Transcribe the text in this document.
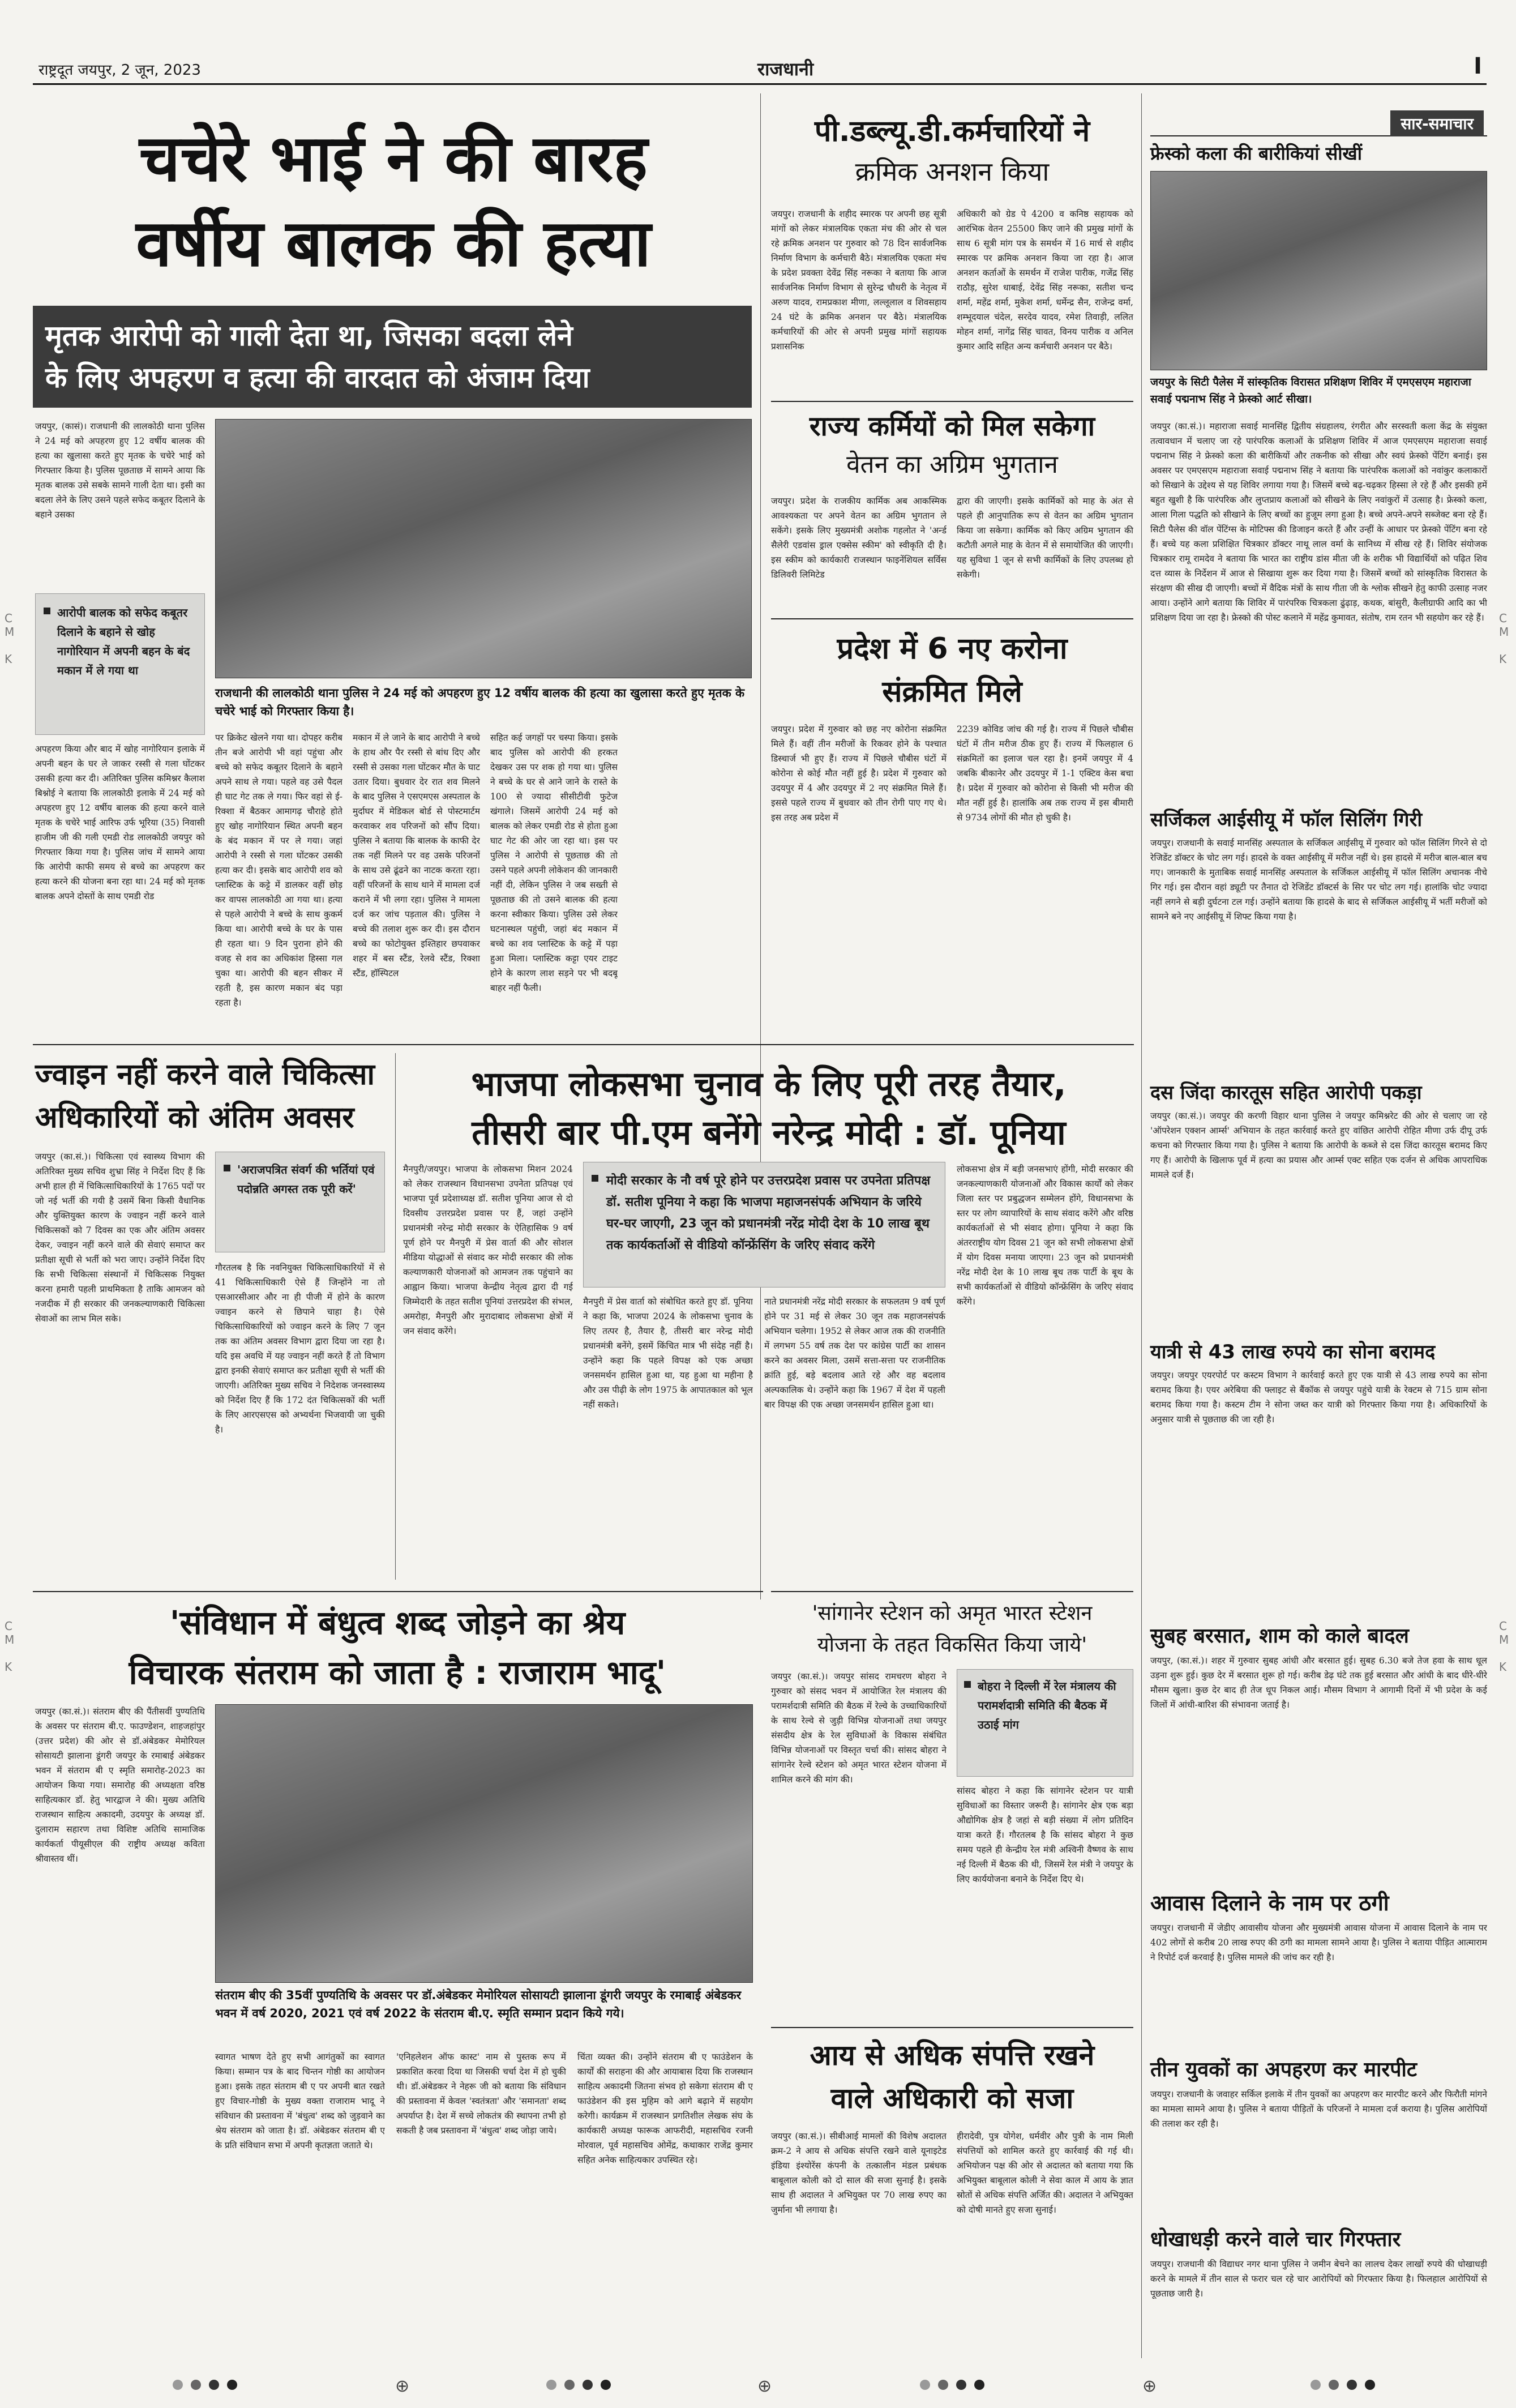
राष्ट्रदूत जयपुर, 2 जून, 2023	राजधानी	I
C
M

K
C
M

K
C
M

K
C
M

K
चचेरे भाई ने की बारह
वर्षीय बालक की हत्या
मृतक आरोपी को गाली देता था, जिसका बदला लेने
के लिए अपहरण व हत्या की वारदात को अंजाम दिया
जयपुर, (कासं)। राजधानी की लालकोठी थाना पुलिस ने 24 मई को अपहरण हुए 12 वर्षीय बालक की हत्या का खुलासा करते हुए मृतक के चचेरे भाई को गिरफ्तार किया है। पुलिस पूछताछ में सामने आया कि मृतक बालक उसे सबके सामने गाली देता था। इसी का बदला लेने के लिए उसने पहले सफेद कबूतर दिलाने के बहाने उसका
राजधानी की लालकोठी थाना पुलिस ने 24 मई को अपहरण हुए 12 वर्षीय बालक की हत्या का खुलासा करते हुए मृतक के चचेरे भाई को गिरफ्तार किया है।
आरोपी बालक को सफेद कबूतर दिलाने के बहाने से खोह नागोरियान में अपनी बहन के बंद मकान में ले गया था
अपहरण किया और बाद में खोह नागोरियान इलाके में अपनी बहन के घर ले जाकर रस्सी से गला घोंटकर उसकी हत्या कर दी। अतिरिक्त पुलिस कमिश्नर कैलाश बिश्नोई ने बताया कि लालकोठी इलाके में 24 मई को अपहरण हुए 12 वर्षीय बालक की हत्या करने वाले मृतक के चचेरे भाई आरिफ उर्फ भूरिया (35) निवासी हाजीम जी की गली एमडी रोड लालकोठी जयपुर को गिरफ्तार किया गया है। पुलिस जांच में सामने आया कि आरोपी काफी समय से बच्चे का अपहरण कर हत्या करने की योजना बना रहा था। 24 मई को मृतक बालक अपने दोस्तों के साथ एमडी रोड
पर क्रिकेट खेलने गया था। दोपहर करीब तीन बजे आरोपी भी वहां पहुंचा और बच्चे को सफेद कबूतर दिलाने के बहाने अपने साथ ले गया। पहले वह उसे पैदल ही घाट गेट तक ले गया। फिर वहां से ई-रिक्शा में बैठकर आमागढ़ चौराहे होते हुए खोह नागोरियान स्थित अपनी बहन के बंद मकान में पर ले गया। जहां आरोपी ने रस्सी से गला घोंटकर उसकी हत्या कर दी। इसके बाद आरोपी शव को प्लास्टिक के कट्टे में डालकर वहीं छोड़ कर वापस लालकोठी आ गया था। हत्या से पहले आरोपी ने बच्चे के साथ कुकर्म किया था। आरोपी बच्चे के घर के पास ही रहता था। 9 दिन पुराना होने की वजह से शव का अधिकांश हिस्सा गल चुका था। आरोपी की बहन सीकर में रहती है, इस कारण मकान बंद पड़ा रहता है।
मकान में ले जाने के बाद आरोपी ने बच्चे के हाथ और पैर रस्सी से बांध दिए और रस्सी से उसका गला घोंटकर मौत के घाट उतार दिया। बुधवार देर रात शव मिलने के बाद पुलिस ने एसएमएस अस्पताल के मुर्दाघर में मेडिकल बोर्ड से पोस्टमार्टम करवाकर शव परिजनों को सौंप दिया। पुलिस ने बताया कि बालक के काफी देर तक नहीं मिलने पर वह उसके परिजनों के साथ उसे ढूंढने का नाटक करता रहा। वहीं परिजनों के साथ थाने में मामला दर्ज कराने में भी लगा रहा। पुलिस ने मामला दर्ज कर जांच पड़ताल की। पुलिस ने बच्चे की तलाश शुरू कर दी। इस दौरान बच्चे का फोटोयुक्त इश्तिहार छपवाकर शहर में बस स्टैंड, रेलवे स्टैंड, रिक्शा स्टैंड, हॉस्पिटल
सहित कई जगहों पर चस्पा किया। इसके बाद पुलिस को आरोपी की हरकत देखकर उस पर शक हो गया था। पुलिस ने बच्चे के घर से आने जाने के रास्ते के 100 से ज्यादा सीसीटीवी फुटेज खंगाले। जिसमें आरोपी 24 मई को बालक को लेकर एमडी रोड से होता हुआ घाट गेट की ओर जा रहा था। इस पर पुलिस ने आरोपी से पूछताछ की तो उसने पहले अपनी लोकेशन की जानकारी नहीं दी, लेकिन पुलिस ने जब सख्ती से पूछताछ की तो उसने बालक की हत्या करना स्वीकार किया। पुलिस उसे लेकर घटनास्थल पहुंची, जहां बंद मकान में बच्चे का शव प्लास्टिक के कट्टे में पड़ा हुआ मिला। प्लास्टिक कट्टा एयर टाइट होने के कारण लाश सड़ने पर भी बदबू बाहर नहीं फैली।
पी.डब्ल्यू.डी.कर्मचारियों ने
क्रमिक अनशन किया
जयपुर। राजधानी के शहीद स्मारक पर अपनी छह सूत्री मांगों को लेकर मंत्रालयिक एकता मंच की ओर से चल रहे क्रमिक अनशन पर गुरुवार को 78 दिन सार्वजनिक निर्माण विभाग के कर्मचारी बैठे। मंत्रालयिक एकता मंच के प्रदेश प्रवक्ता देवेंद्र सिंह नरूका ने बताया कि आज सार्वजनिक निर्माण विभाग से सुरेन्द्र चौधरी के नेतृत्व में अरुण यादव, रामप्रकाश मीणा, लल्लूलाल व शिवसहाय 24 घंटे के क्रमिक अनशन पर बैठे। मंत्रालयिक कर्मचारियों की ओर से अपनी प्रमुख मांगों सहायक प्रशासनिक
अधिकारी को ग्रेड पे 4200 व कनिष्ठ सहायक को आरंभिक वेतन 25500 किए जाने की प्रमुख मांगों के साथ 6 सूत्री मांग पत्र के समर्थन में 16 मार्च से शहीद स्मारक पर क्रमिक अनशन किया जा रहा है। आज अनशन कर्ताओं के समर्थन में राजेश पारीक, गजेंद्र सिंह राठौड़, सुरेश धाबाई, देवेंद्र सिंह नरूका, सतीश चन्द शर्मा, महेंद्र शर्मा, मुकेश शर्मा, धर्मेन्द्र सैन, राजेन्द्र वर्मा, शम्भूदयाल चंदेल, सरदेव यादव, रमेश तिवाड़ी, ललित मोहन शर्मा, नागेंद्र सिंह चावत, विनय पारीक व अनिल कुमार आदि सहित अन्य कर्मचारी अनशन पर बैठे।
राज्य कर्मियों को मिल सकेगा
वेतन का अग्रिम भुगतान
जयपुर। प्रदेश के राजकीय कार्मिक अब आकस्मिक आवश्यकता पर अपने वेतन का अग्रिम भुगतान ले सकेंगे। इसके लिए मुख्यमंत्री अशोक गहलोत ने 'अर्न्ड सैलेरी एडवांस ड्राल एक्सेस स्कीम' को स्वीकृति दी है। इस स्कीम को कार्यकारी राजस्थान फाइनेंशियल सर्विस डिलिवरी लिमिटेड
द्वारा की जाएगी। इसके कार्मिकों को माह के अंत से पहले ही आनुपातिक रूप से वेतन का अग्रिम भुगतान किया जा सकेगा। कार्मिक को किए अग्रिम भुगतान की कटौती अगले माह के वेतन में से समायोजित की जाएगी। यह सुविधा 1 जून से सभी कार्मिकों के लिए उपलब्ध हो सकेगी।
प्रदेश में 6 नए करोना
संक्रमित मिले
जयपुर। प्रदेश में गुरुवार को छह नए कोरोना संक्रमित मिले हैं। वहीं तीन मरीजों के रिकवर होने के पश्चात डिस्चार्ज भी हुए हैं। राज्य में पिछले चौबीस घंटों में कोरोना से कोई मौत नहीं हुई है। प्रदेश में गुरुवार को उदयपुर में 4 और उदयपुर में 2 नए संक्रमित मिले हैं। इससे पहले राज्य में बुधवार को तीन रोगी पाए गए थे। इस तरह अब प्रदेश में
2239 कोविड जांच की गई है। राज्य में पिछले चौबीस घंटों में तीन मरीज ठीक हुए हैं। राज्य में फिलहाल 6 संक्रमितों का इलाज चल रहा है। इनमें जयपुर में 4 जबकि बीकानेर और उदयपुर में 1-1 एक्टिव केस बचा है। प्रदेश में गुरुवार को कोरोना से किसी भी मरीज की मौत नहीं हुई है। हालांकि अब तक राज्य में इस बीमारी से 9734 लोगों की मौत हो चुकी है।
सार-समाचार
फ्रेस्को कला की बारीकियां सीखीं
जयपुर के सिटी पैलेस में सांस्कृतिक विरासत प्रशिक्षण शिविर में एमएसएम महाराजा सवाई पद्मनाभ सिंह ने फ्रेस्को आर्ट सीखा।
जयपुर (का.सं.)। महाराजा सवाई मानसिंह द्वितीय संग्रहालय, रंगरीत और सरस्वती कला केंद्र के संयुक्त तत्वावधान में चलाए जा रहे पारंपरिक कलाओं के प्रशिक्षण शिविर में आज एमएसएम महाराजा सवाई पद्मनाभ सिंह ने फ्रेस्को कला की बारीकियों और तकनीक को सीखा और स्वयं फ्रेस्को पेंटिंग बनाई। इस अवसर पर एमएसएम महाराजा सवाई पद्मनाभ सिंह ने बताया कि पारंपरिक कलाओं को नवांकुर कलाकारों को सिखाने के उद्देश्य से यह शिविर लगाया गया है। जिसमें बच्चे बढ़-चढ़कर हिस्सा ले रहे हैं और इसकी हमें बहुत खुशी है कि पारंपरिक और लुप्तप्राय कलाओं को सीखने के लिए नवांकुरों में उत्साह है। फ्रेस्को कला, आला गिला पद्धति को सीखाने के लिए बच्चों का हुजूम लगा हुआ है। बच्चे अपने-अपने सब्जेक्ट बना रहे हैं। सिटी पैलेस की वॉल पेंटिंग्स के मोटिफ्स की डिजाइन करते हैं और उन्हीं के आधार पर फ्रेस्को पेंटिंग बना रहे हैं। बच्चे यह कला प्रशिक्षित चित्रकार डॉक्टर नाथू लाल वर्मा के सानिध्य में सीख रहे हैं। शिविर संयोजक चित्रकार रामू रामदेव ने बताया कि भारत का राष्ट्रीय डांस मीता जी के शरीक भी विद्यार्थियों को पढ़ित शिव दत्त व्यास के निर्देशन में आज से सिखाया शुरू कर दिया गया है। जिसमें बच्चों को सांस्कृतिक विरासत के संरक्षण की सीख दी जाएगी। बच्चों में वैदिक मंत्रों के साथ गीता जी के श्लोक सीखने हेतु काफी उत्साह नजर आया। उन्होंने आगे बताया कि शिविर में पारंपरिक चित्रकला ढुंढ़ाड़, कथक, बांसुरी, कैलीग्राफी आदि का भी प्रशिक्षण दिया जा रहा है। फ्रेस्को की पोस्ट कलाने में महेंद्र कुमावत, संतोष, राम रतन भी सहयोग कर रहे हैं।
सर्जिकल आईसीयू में फॉल सिलिंग गिरी
जयपुर। राजधानी के सवाई मानसिंह अस्पताल के सर्जिकल आईसीयू में गुरुवार को फॉल सिलिंग गिरने से दो रेजिडेंट डॉक्टर के चोट लग गई। हादसे के वक्त आईसीयू में मरीज नहीं थे। इस हादसे में मरीज बाल-बाल बच गए। जानकारी के मुताबिक सवाई मानसिंह अस्पताल के सर्जिकल आईसीयू में फॉल सिलिंग अचानक नीचे गिर गई। इस दौरान वहां ड्यूटी पर तैनात दो रेजिडेंट डॉक्टर्स के सिर पर चोट लग गई। हालांकि चोट ज्यादा नहीं लगने से बड़ी दुर्घटना टल गई। उन्होंने बताया कि हादसे के बाद से सर्जिकल आईसीयू में भर्ती मरीजों को सामने बने नए आईसीयू में शिफ्ट किया गया है।
दस जिंदा कारतूस सहित आरोपी पकड़ा
जयपुर (का.सं.)। जयपुर की करणी विहार थाना पुलिस ने जयपुर कमिश्नरेट की ओर से चलाए जा रहे 'ऑपरेशन एक्शन आर्म्स' अभियान के तहत कार्रवाई करते हुए वांछित आरोपी रोहित मीणा उर्फ दीपू उर्फ कचना को गिरफ्तार किया गया है। पुलिस ने बताया कि आरोपी के कब्जे से दस जिंदा कारतूस बरामद किए गए हैं। आरोपी के खिलाफ पूर्व में हत्या का प्रयास और आर्म्स एक्ट सहित एक दर्जन से अधिक आपराधिक मामले दर्ज हैं।
यात्री से 43 लाख रुपये का सोना बरामद
जयपुर। जयपुर एयरपोर्ट पर कस्टम विभाग ने कार्रवाई करते हुए एक यात्री से 43 लाख रुपये का सोना बरामद किया है। एयर अरेबिया की फ्लाइट से बैंकॉक से जयपुर पहुंचे यात्री के रेक्टम से 715 ग्राम सोना बरामद किया गया है। कस्टम टीम ने सोना जब्त कर यात्री को गिरफ्तार किया गया है। अधिकारियों के अनुसार यात्री से पूछताछ की जा रही है।
सुबह बरसात, शाम को काले बादल
जयपुर, (का.सं.)। शहर में गुरुवार सुबह आंधी और बरसात हुई। सुबह 6.30 बजे तेज हवा के साथ धूल उड़ना शुरू हुई। कुछ देर में बरसात शुरू हो गई। करीब डेढ़ घंटे तक हुई बरसात और आंधी के बाद धीरे-धीरे मौसम खुला। कुछ देर बाद ही तेज धूप निकल आई। मौसम विभाग ने आगामी दिनों में भी प्रदेश के कई जिलों में आंधी-बारिश की संभावना जताई है।
आवास दिलाने के नाम पर ठगी
जयपुर। राजधानी में जेडीए आवासीय योजना और मुख्यमंत्री आवास योजना में आवास दिलाने के नाम पर 402 लोगों से करीब 20 लाख रुपए की ठगी का मामला सामने आया है। पुलिस ने बताया पीड़ित आत्माराम ने रिपोर्ट दर्ज करवाई है। पुलिस मामले की जांच कर रही है।
तीन युवकों का अपहरण कर मारपीट
जयपुर। राजधानी के जवाहर सर्किल इलाके में तीन युवकों का अपहरण कर मारपीट करने और फिरौती मांगने का मामला सामने आया है। पुलिस ने बताया पीड़ितों के परिजनों ने मामला दर्ज कराया है। पुलिस आरोपियों की तलाश कर रही है।
धोखाधड़ी करने वाले चार गिरफ्तार
जयपुर। राजधानी की विद्याधर नगर थाना पुलिस ने जमीन बेचने का लालच देकर लाखों रुपये की धोखाधड़ी करने के मामले में तीन साल से फरार चल रहे चार आरोपियों को गिरफ्तार किया है। फिलहाल आरोपियों से पूछताछ जारी है।
ज्वाइन नहीं करने वाले चिकित्सा
अधिकारियों को अंतिम अवसर
जयपुर (का.सं.)। चिकित्सा एवं स्वास्थ्य विभाग की अतिरिक्त मुख्य सचिव शुभ्रा सिंह ने निर्देश दिए हैं कि अभी हाल ही में चिकित्साधिकारियों के 1765 पदों पर जो नई भर्ती की गयी है उसमें बिना किसी वैधानिक और युक्तियुक्त कारण के ज्वाइन नहीं करने वाले चिकित्सकों को 7 दिवस का एक और अंतिम अवसर देकर, ज्वाइन नहीं करने वाले की सेवाएं समाप्त कर प्रतीक्षा सूची से भर्ती को भरा जाए। उन्होंने निर्देश दिए कि सभी चिकित्सा संस्थानों में चिकित्सक नियुक्त करना हमारी पहली प्राथमिकता है ताकि आमजन को नजदीक में ही सरकार की जनकल्याणकारी चिकित्सा सेवाओं का लाभ मिल सके।
'अराजपत्रित संवर्ग की भर्तियां एवं पदोन्नति अगस्त तक पूरी करें'
गौरतलब है कि नवनियुक्त चिकित्साधिकारियों में से 41 चिकित्साधिकारी ऐसे हैं जिन्होंने ना तो एसआरसीआर और ना ही पीजी में होने के कारण ज्वाइन करने से छिपाने चाहा है। ऐसे चिकित्साधिकारियों को ज्वाइन करने के लिए 7 जून तक का अंतिम अवसर विभाग द्वारा दिया जा रहा है। यदि इस अवधि में यह ज्वाइन नहीं करते हैं तो विभाग द्वारा इनकी सेवाएं समाप्त कर प्रतीक्षा सूची से भर्ती की जाएगी। अतिरिक्त मुख्य सचिव ने निदेशक जनस्वास्थ्य को निर्देश दिए हैं कि 172 दंत चिकित्सकों की भर्ती के लिए आरएसएस को अभ्यर्थना भिजवायी जा चुकी है।
भाजपा लोकसभा चुनाव के लिए पूरी तरह तैयार,
तीसरी बार पी.एम बनेंगे नरेन्द्र मोदी : डॉ. पूनिया
मैनपुरी/जयपुर। भाजपा के लोकसभा मिशन 2024 को लेकर राजस्थान विधानसभा उपनेता प्रतिपक्ष एवं भाजपा पूर्व प्रदेशाध्यक्ष डॉ. सतीश पूनिया आज से दो दिवसीय उत्तरप्रदेश प्रवास पर हैं, जहां उन्होंने प्रधानमंत्री नरेन्द्र मोदी सरकार के ऐतिहासिक 9 वर्ष पूर्ण होने पर मैनपुरी में प्रेस वार्ता की और सोशल मीडिया योद्धाओं से संवाद कर मोदी सरकार की लोक कल्याणकारी योजनाओं को आमजन तक पहुंचाने का आह्वान किया। भाजपा केन्द्रीय नेतृत्व द्वारा दी गई जिम्मेदारी के तहत सतीश पूनियां उत्तरप्रदेश की संभल, अमरोहा, मैनपुरी और मुरादाबाद लोकसभा क्षेत्रों में जन संवाद करेंगे।
मोदी सरकार के नौ वर्ष पूरे होने पर उत्तरप्रदेश प्रवास पर उपनेता प्रतिपक्ष डॉ. सतीश पूनिया ने कहा कि भाजपा महाजनसंपर्क अभियान के जरिये घर-घर जाएगी, 23 जून को प्रधानमंत्री नरेंद्र मोदी देश के 10 लाख बूथ तक कार्यकर्ताओं से वीडियो कॉन्फ्रेंसिंग के जरिए संवाद करेंगे
मैनपुरी में प्रेस वार्ता को संबोधित करते हुए डॉ. पूनिया ने कहा कि, भाजपा 2024 के लोकसभा चुनाव के लिए तत्पर है, तैयार है, तीसरी बार नरेन्द्र मोदी प्रधानमंत्री बनेंगे, इसमें किंचित मात्र भी संदेह नहीं है। उन्होंने कहा कि पहले विपक्ष को एक अच्छा जनसमर्थन हासिल हुआ था, यह हुआ था महीना है और उस पीढ़ी के लोग 1975 के आपातकाल को भूल नहीं सकते।
नाते प्रधानमंत्री नरेंद्र मोदी सरकार के सफलतम 9 वर्ष पूर्ण होने पर 31 मई से लेकर 30 जून तक महाजनसंपर्क अभियान चलेगा। 1952 से लेकर आज तक की राजनीति में लगभग 55 वर्ष तक देश पर कांग्रेस पार्टी का शासन करने का अवसर मिला, उसमें सत्ता-सत्ता पर राजनीतिक क्रांति हुई, बड़े बदलाव आते रहे और वह बदलाव अल्पकालिक थे। उन्होंने कहा कि 1967 में देश में पहली बार विपक्ष की एक अच्छा जनसमर्थन हासिल हुआ था।
लोकसभा क्षेत्र में बड़ी जनसभाएं होंगी, मोदी सरकार की जनकल्याणकारी योजनाओं और विकास कार्यों को लेकर जिला स्तर पर प्रबुद्धजन सम्मेलन होंगे, विधानसभा के स्तर पर लोग व्यापारियों के साथ संवाद करेंगे और वरिष्ठ कार्यकर्ताओं से भी संवाद होगा। पूनिया ने कहा कि अंतरराष्ट्रीय योग दिवस 21 जून को सभी लोकसभा क्षेत्रों में योग दिवस मनाया जाएगा। 23 जून को प्रधानमंत्री नरेंद्र मोदी देश के 10 लाख बूथ तक पार्टी के बूथ के सभी कार्यकर्ताओं से वीडियो कॉन्फ्रेंसिंग के जरिए संवाद करेंगे।
'संविधान में बंधुत्व शब्द जोड़ने का श्रेय
विचारक संतराम को जाता है : राजाराम भादू'
जयपुर (का.सं.)। संतराम बीए की पैंतीसवीं पुण्यतिथि के अवसर पर संतराम बी.ए. फाउण्डेशन, शाहजहांपुर (उत्तर प्रदेश) की ओर से डॉ.अंबेडकर मेमोरियल सोसायटी झालाना डूंगरी जयपुर के रमाबाई अंबेडकर भवन में संतराम बी ए स्मृति समारोह-2023 का आयोजन किया गया। समारोह की अध्यक्षता वरिष्ठ साहित्यकार डॉ. हेतु भारद्वाज ने की। मुख्य अतिथि राजस्थान साहित्य अकादमी, उदयपुर के अध्यक्ष डॉ. दुलाराम सहारण तथा विशिष्ट अतिथि सामाजिक कार्यकर्ता पीयूसीएल की राष्ट्रीय अध्यक्ष कविता श्रीवास्तव थीं।
संतराम बीए की 35वीं पुण्यतिथि के अवसर पर डॉ.अंबेडकर मेमोरियल सोसायटी झालाना डूंगरी जयपुर के रमाबाई अंबेडकर भवन में वर्ष 2020, 2021 एवं वर्ष 2022 के संतराम बी.ए. स्मृति सम्मान प्रदान किये गये।
स्वागत भाषण देते हुए सभी आगंतुकों का स्वागत किया। सम्मान पत्र के बाद चिन्तन गोष्ठी का आयोजन हुआ। इसके तहत संतराम बी ए पर अपनी बात रखते हुए विचार-गोष्ठी के मुख्य वक्ता राजाराम भादू ने संविधान की प्रस्तावना में 'बंधुत्व' शब्द को जुड़वाने का श्रेय संतराम को जाता है। डॉ. अंबेडकर संतराम बी ए के प्रति संविधान सभा में अपनी कृतज्ञता जताते थे।
'एनिहलेशन ऑफ कास्ट' नाम से पुस्तक रूप में प्रकाशित करवा दिया था जिसकी चर्चा देश में हो चुकी थी। डॉ.अंबेडकर ने नेहरू जी को बताया कि संविधान की प्रस्तावना में केवल 'स्वतंत्रता' और 'समानता' शब्द अपर्याप्त है। देश में सच्चे लोकतंत्र की स्थापना तभी हो सकती है जब प्रस्तावना में 'बंधुत्व' शब्द जोड़ा जाये।
चिंता व्यक्त की। उन्होंने संतराम बी ए फाउंडेशन के कार्यों की सराहना की और आयाबास दिया कि राजस्थान साहित्य अकादमी जितना संभव हो सकेगा संतराम बी ए फाउंडेशन की इस मुहिम को आगे बढ़ाने में सहयोग करेगी। कार्यक्रम में राजस्थान प्रगतिशील लेखक संघ के कार्यकारी अध्यक्ष फारूक आफरीदी, महासचिव रजनी मोरवाल, पूर्व महासचिव ओमेंद्र, कथाकार राजेंद्र कुमार सहित अनेक साहित्यकार उपस्थित रहे।
'सांगानेर स्टेशन को अमृत भारत स्टेशन
योजना के तहत विकसित किया जाये'
जयपुर (का.सं.)। जयपुर सांसद रामचरण बोहरा ने गुरुवार को संसद भवन में आयोजित रेल मंत्रालय की परामर्शदात्री समिति की बैठक में रेल्वे के उच्चाधिकारियों के साथ रेल्वे से जुड़ी विभिन्न योजनाओं तथा जयपुर संसदीय क्षेत्र के रेल सुविधाओं के विकास संबंधित विभिन्न योजनाओं पर विस्तृत चर्चा की। सांसद बोहरा ने सांगानेर रेल्वे स्टेशन को अमृत भारत स्टेशन योजना में शामिल करने की मांग की।
बोहरा ने दिल्ली में रेल मंत्रालय की परामर्शदात्री समिति की बैठक में उठाई मांग
सांसद बोहरा ने कहा कि सांगानेर स्टेशन पर यात्री सुविधाओं का विस्तार जरूरी है। सांगानेर क्षेत्र एक बड़ा औद्योगिक क्षेत्र है जहां से बड़ी संख्या में लोग प्रतिदिन यात्रा करते हैं। गौरतलब है कि सांसद बोहरा ने कुछ समय पहले ही केन्द्रीय रेल मंत्री अश्विनी वैष्णव के साथ नई दिल्ली में बैठक की थी, जिसमें रेल मंत्री ने जयपुर के लिए कार्ययोजना बनाने के निर्देश दिए थे।
आय से अधिक संपत्ति रखने
वाले अधिकारी को सजा
जयपुर (का.सं.)। सीबीआई मामलों की विशेष अदालत क्रम-2 ने आय से अधिक संपत्ति रखने वाले यूनाइटेड इंडिया इंश्योरेंस कंपनी के तत्कालीन मंडल प्रबंधक बाबूलाल कोली को दो साल की सजा सुनाई है। इसके साथ ही अदालत ने अभियुक्त पर 70 लाख रुपए का जुर्माना भी लगाया है।
हीरादेवी, पुत्र योगेश, धर्मवीर और पुत्री के नाम मिली संपत्तियों को शामिल करते हुए कार्रवाई की गई थी। अभियोजन पक्ष की ओर से अदालत को बताया गया कि अभियुक्त बाबूलाल कोली ने सेवा काल में आय के ज्ञात स्रोतों से अधिक संपत्ति अर्जित की। अदालत ने अभियुक्त को दोषी मानते हुए सजा सुनाई।
⊕	⊕	⊕
